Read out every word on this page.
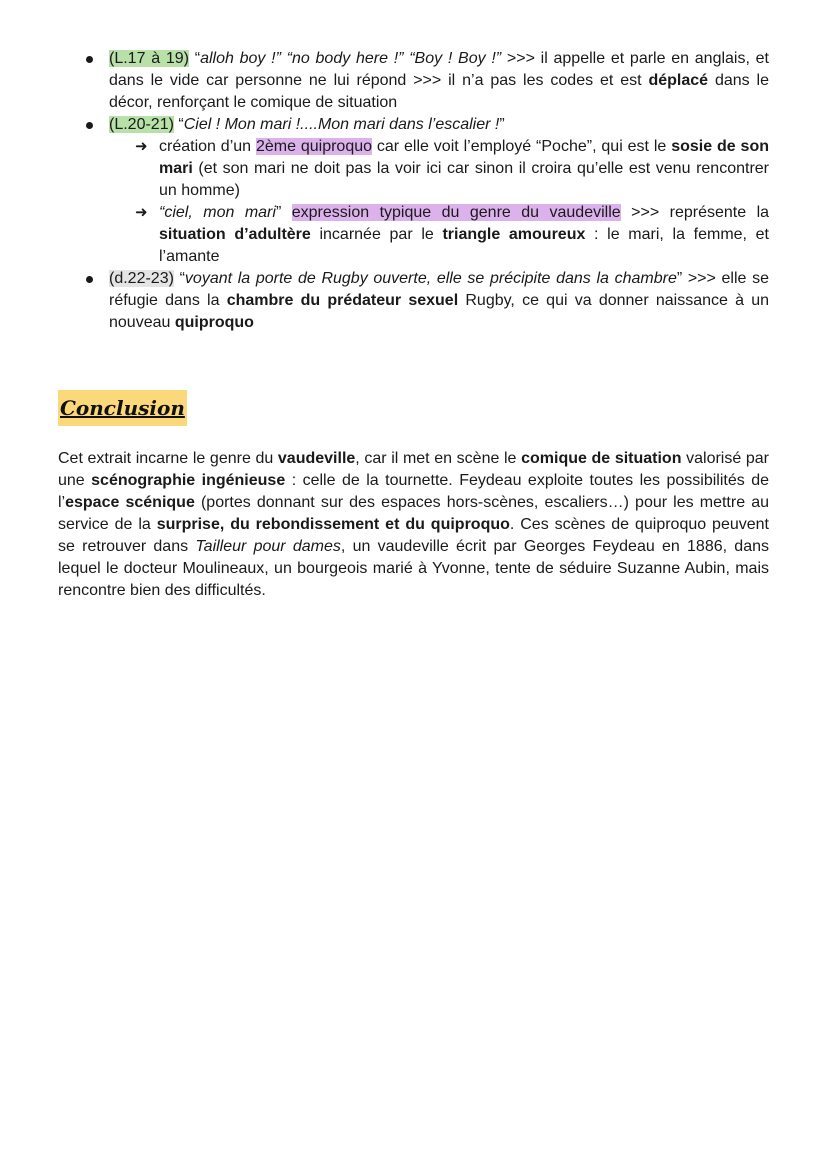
(L.17 à 19) “alloh boy !” “no body here !” “Boy ! Boy !” >>> il appelle et parle en anglais, et dans le vide car personne ne lui répond >>> il n’a pas les codes et est déplacé dans le décor, renforçant le comique de situation
(L.20-21) “Ciel ! Mon mari !....Mon mari dans l’escalier !”
➜ création d’un 2ème quiproquo car elle voit l’employé “Poche”, qui est le sosie de son mari (et son mari ne doit pas la voir ici car sinon il croira qu’elle est venu rencontrer un homme)
➜ “ciel, mon mari” expression typique du genre du vaudeville >>> représente la situation d’adultère incarnée par le triangle amoureux : le mari, la femme, et l’amante
(d.22-23) “voyant la porte de Rugby ouverte, elle se précipite dans la chambre” >>> elle se réfugie dans la chambre du prédateur sexuel Rugby, ce qui va donner naissance à un nouveau quiproquo
Conclusion

Cet extrait incarne le genre du vaudeville, car il met en scène le comique de situation valorisé par une scénographie ingénieuse : celle de la tournette. Feydeau exploite toutes les possibilités de l’espace scénique (portes donnant sur des espaces hors-scènes, escaliers…) pour les mettre au service de la surprise, du rebondissement et du quiproquo. Ces scènes de quiproquo peuvent se retrouver dans Tailleur pour dames, un vaudeville écrit par Georges Feydeau en 1886, dans lequel le docteur Moulineaux, un bourgeois marié à Yvonne, tente de séduire Suzanne Aubin, mais rencontre bien des difficultés.
